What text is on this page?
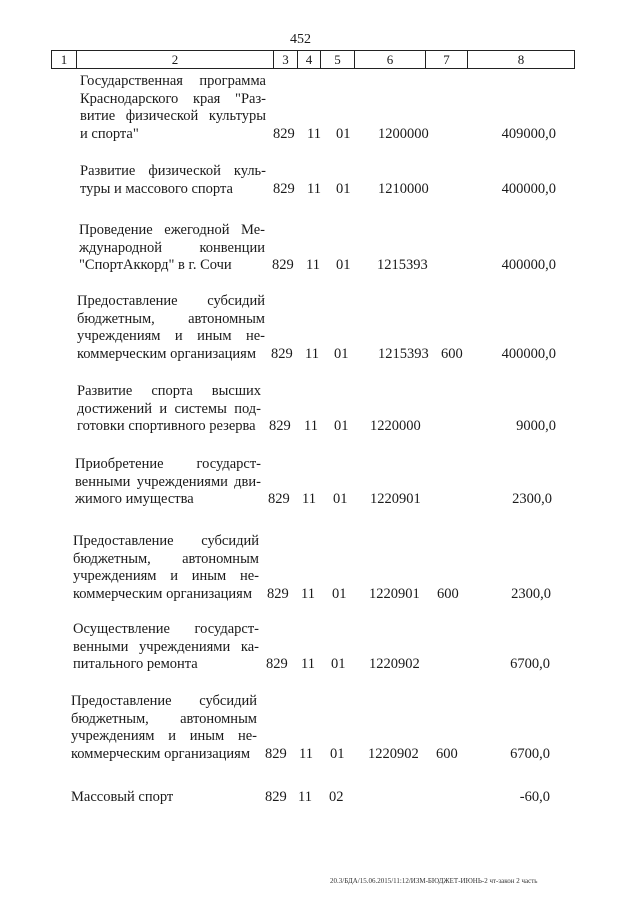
452
1	2	3	4	5	6	7	8
Государственная программа
Краснодарского края "Раз-
витие физической культуры
и спорта"	829 11 01 1200000	409000,0
Развитие физической куль-
туры и массового спорта	829 11 01 1210000	400000,0
Проведение ежегодной Ме-
ждународной конвенции
"СпортАккорд" в г. Сочи	829 11 01 1215393	400000,0
Предоставление субсидий
бюджетным, автономным
учреждениям и иным не-
коммерческим организациям	829 11 01 1215393 600	400000,0
Развитие спорта высших
достижений и системы под-
готовки спортивного резерва 829 11 01 1220000	9000,0
Приобретение государст-
венными учреждениями дви-
жимого имущества	829 11 01 1220901	2300,0
Предоставление субсидий
бюджетным, автономным
учреждениям и иным не-
коммерческим организациям	829 11 01 1220901 600	2300,0
Осуществление государст-
венными учреждениями ка-
питального ремонта	829 11 01 1220902	6700,0
Предоставление субсидий
бюджетным, автономным
учреждениям и иным не-
коммерческим организациям	829 11 01 1220902 600	6700,0
Массовый спорт	829 11 02	-60,0
20.3/БДА/15.06.2015/11:12/ИЗМ-БЮДЖЕТ-ИЮНЬ-2 чт-закон 2 часть
